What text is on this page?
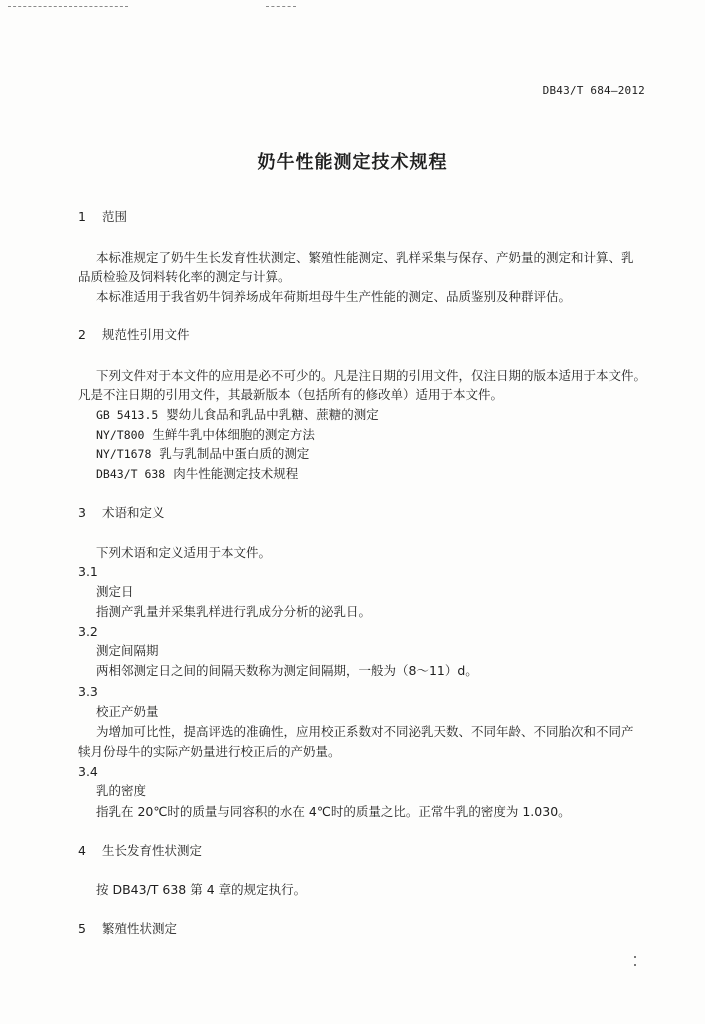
DB43/T 684—2012
奶牛性能测定技术规程
1 范围
本标准规定了奶牛生长发育性状测定、繁殖性能测定、乳样采集与保存、产奶量的测定和计算、乳
品质检验及饲料转化率的测定与计算。
本标准适用于我省奶牛饲养场成年荷斯坦母牛生产性能的测定、品质鉴别及种群评估。
2 规范性引用文件
下列文件对于本文件的应用是必不可少的。凡是注日期的引用文件，仅注日期的版本适用于本文件。
凡是不注日期的引用文件，其最新版本（包括所有的修改单）适用于本文件。
GB 5413.5 婴幼儿食品和乳品中乳糖、蔗糖的测定
NY/T800 生鲜牛乳中体细胞的测定方法
NY/T1678 乳与乳制品中蛋白质的测定
DB43/T 638 肉牛性能测定技术规程
3 术语和定义
下列术语和定义适用于本文件。
3.1
测定日
指测产乳量并采集乳样进行乳成分分析的泌乳日。
3.2
测定间隔期
两相邻测定日之间的间隔天数称为测定间隔期，一般为（8～11）d。
3.3
校正产奶量
为增加可比性，提高评选的准确性，应用校正系数对不同泌乳天数、不同年龄、不同胎次和不同产
犊月份母牛的实际产奶量进行校正后的产奶量。
3.4
乳的密度
指乳在 20℃时的质量与同容积的水在 4℃时的质量之比。正常牛乳的密度为 1.030。
4 生长发育性状测定
按 DB43/T 638 第 4 章的规定执行。
5 繁殖性状测定
